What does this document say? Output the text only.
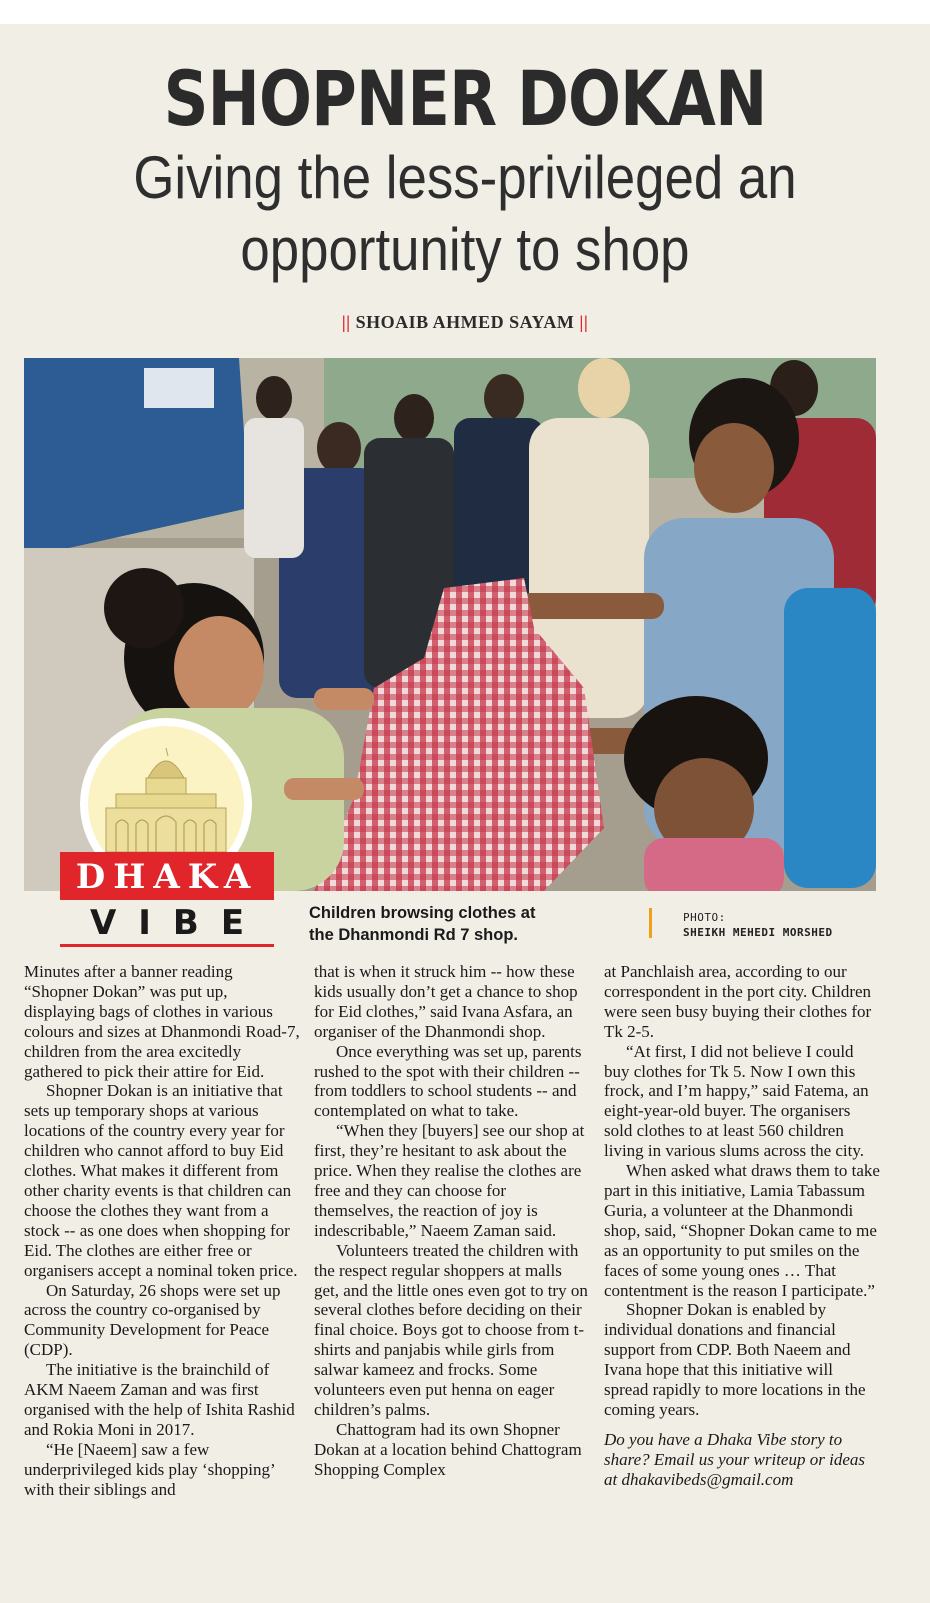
SHOPNER DOKAN
Giving the less-privileged an
opportunity to shop
|| SHOAIB AHMED SAYAM ||
DHAKA
VIBE	Children browsing clothes at
the Dhanmondi Rd 7 shop.
PHOTO:
SHEIKH MEHEDI MORSHED

Minutes after a banner reading “Shopner Dokan” was put up, displaying bags of clothes in various colours and sizes at Dhanmondi Road-7, children from the area excitedly gathered to pick their attire for Eid.

Shopner Dokan is an initiative that sets up temporary shops at various locations of the country every year for children who cannot afford to buy Eid clothes. What makes it different from other charity events is that children can choose the clothes they want from a stock -- as one does when shopping for Eid. The clothes are either free or organisers accept a nominal token price.

On Saturday, 26 shops were set up across the country co-organised by Community Development for Peace (CDP).

The initiative is the brainchild of AKM Naeem Zaman and was first organised with the help of Ishita Rashid and Rokia Moni in 2017.

“He [Naeem] saw a few underprivileged kids play ‘shopping’ with their siblings and

that is when it struck him -- how these kids usually don’t get a chance to shop for Eid clothes,” said Ivana Asfara, an organiser of the Dhanmondi shop.

Once everything was set up, parents rushed to the spot with their children -- from toddlers to school students -- and contemplated on what to take.

“When they [buyers] see our shop at first, they’re hesitant to ask about the price. When they realise the clothes are free and they can choose for themselves, the reaction of joy is indescribable,” Naeem Zaman said.

Volunteers treated the children with the respect regular shoppers at malls get, and the little ones even got to try on several clothes before deciding on their final choice. Boys got to choose from t-shirts and panjabis while girls from salwar kameez and frocks. Some volunteers even put henna on eager children’s palms.

Chattogram had its own Shopner Dokan at a location behind Chattogram Shopping Complex

at Panchlaish area, according to our correspondent in the port city. Children were seen busy buying their clothes for Tk 2-5.

“At first, I did not believe I could buy clothes for Tk 5. Now I own this frock, and I’m happy,” said Fatema, an eight-year-old buyer. The organisers sold clothes to at least 560 children living in various slums across the city.

When asked what draws them to take part in this initiative, Lamia Tabassum Guria, a volunteer at the Dhanmondi shop, said, “Shopner Dokan came to me as an opportunity to put smiles on the faces of some young ones … That contentment is the reason I participate.”

Shopner Dokan is enabled by individual donations and financial support from CDP. Both Naeem and Ivana hope that this initiative will spread rapidly to more locations in the coming years.

Do you have a Dhaka Vibe story to share? Email us your writeup or ideas at dhakavibeds@gmail.com
